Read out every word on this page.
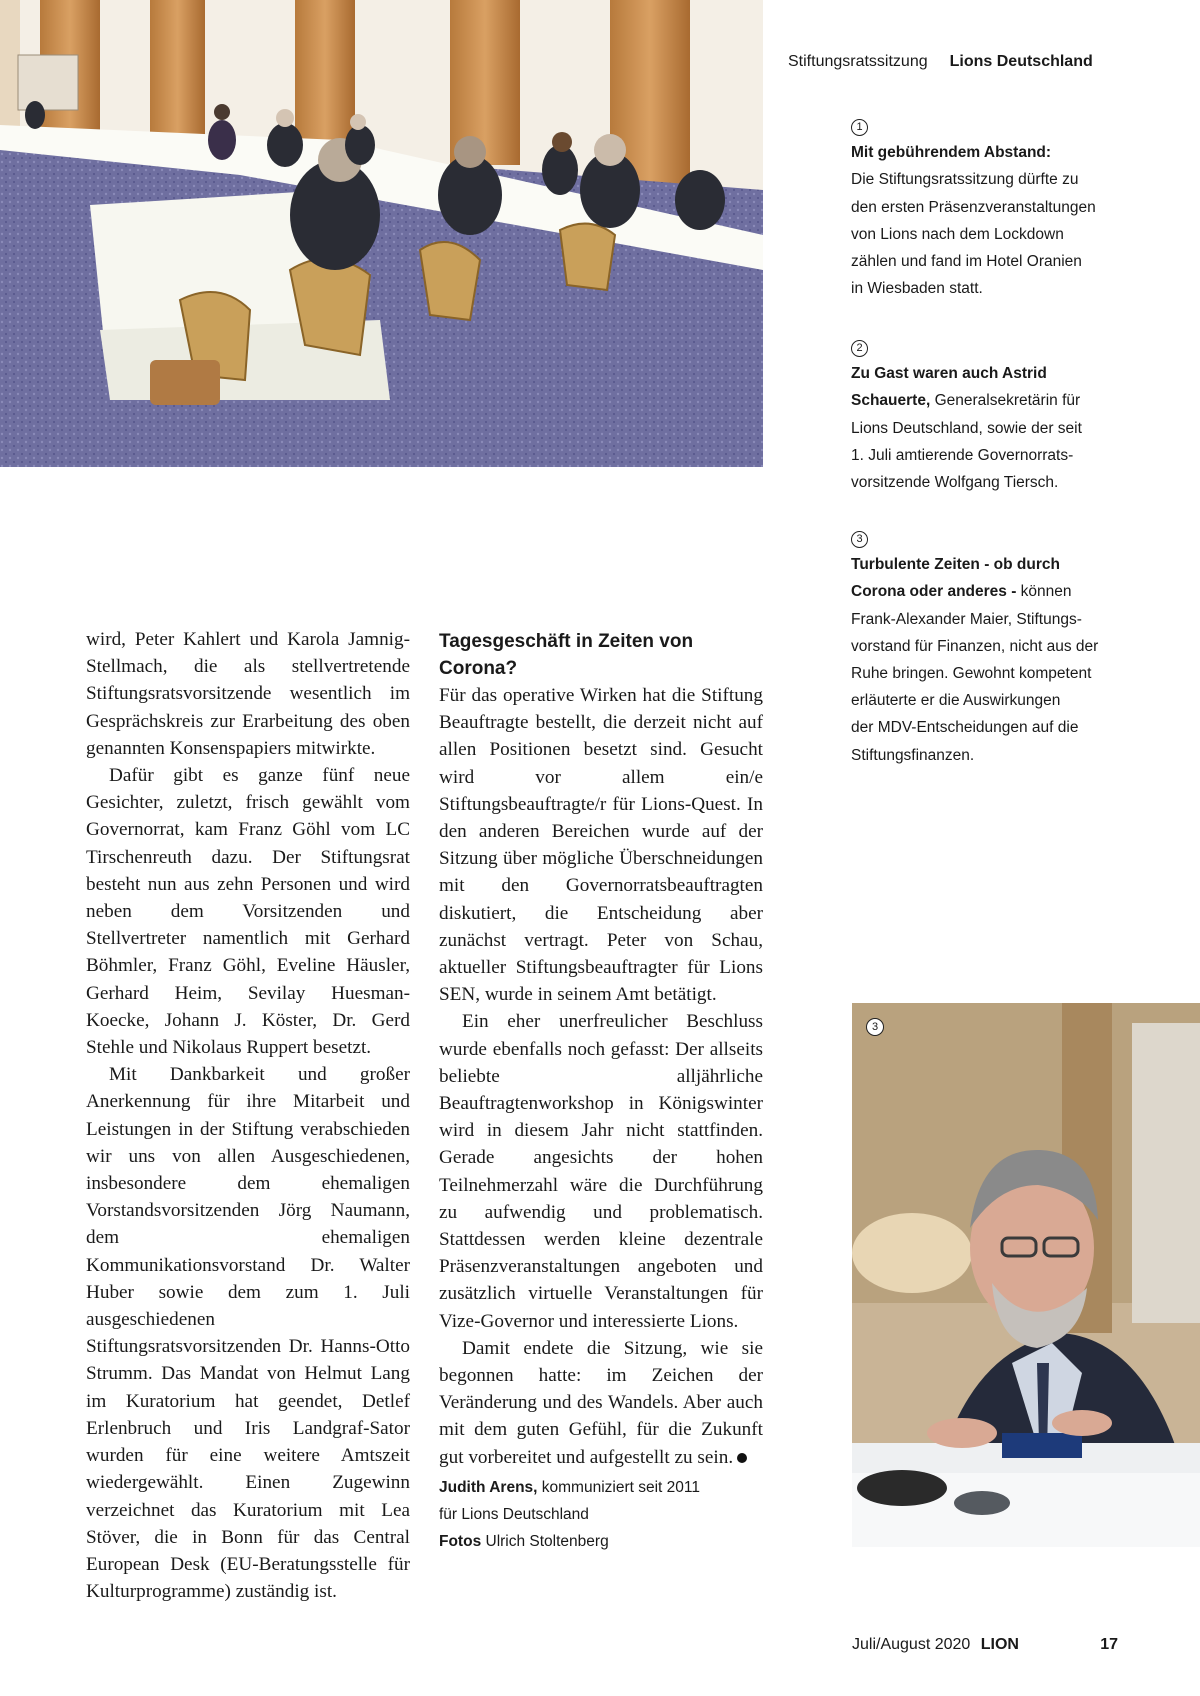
Stiftungsratssitzung Lions Deutschland
1
Mit gebührendem Abstand:
Die Stiftungsratssitzung dürfte zu
den ersten Präsenzveranstaltungen
von Lions nach dem Lockdown
zählen und fand im Hotel Oranien
in Wiesbaden statt.
2
Zu Gast waren auch Astrid
Schauerte, Generalsekretärin für
Lions Deutschland, sowie der seit
1. Juli amtierende Governorrats-
vorsitzende Wolfgang Tiersch.
3
Turbulente Zeiten - ob durch
Corona oder anderes - können
Frank-Alexander Maier, Stiftungs-
vorstand für Finanzen, nicht aus der
Ruhe bringen. Gewohnt kompetent
erläuterte er die Auswirkungen
der MDV-Entscheidungen auf die
Stiftungsfinanzen.

wird, Peter Kahlert und Karola Jamnig-Stellmach, die als stellvertretende Stiftungsratsvorsitzende wesentlich im Gesprächskreis zur Erarbeitung des oben genannten Konsenspapiers mitwirkte.

Dafür gibt es ganze fünf neue Gesichter, zuletzt, frisch gewählt vom Governorrat, kam Franz Göhl vom LC Tirschenreuth dazu. Der Stiftungsrat besteht nun aus zehn Personen und wird neben dem Vorsitzenden und Stellvertreter namentlich mit Gerhard Böhmler, Franz Göhl, Eveline Häusler, Gerhard Heim, Sevilay Huesman-Koecke, Johann J. Köster, Dr. Gerd Stehle und Nikolaus Ruppert besetzt.

Mit Dankbarkeit und großer Anerkennung für ihre Mitarbeit und Leistungen in der Stiftung verabschieden wir uns von allen Ausgeschiedenen, insbesondere dem ehemaligen Vorstandsvorsitzenden Jörg Naumann, dem ehemaligen Kommunikationsvorstand Dr. Walter Huber sowie dem zum 1. Juli ausgeschiedenen Stiftungsratsvorsitzenden Dr. Hanns-Otto Strumm. Das Mandat von Helmut Lang im Kuratorium hat geendet, Detlef Erlenbruch und Iris Landgraf-Sator wurden für eine weitere Amtszeit wiedergewählt. Einen Zugewinn verzeichnet das Kuratorium mit Lea Stöver, die in Bonn für das Central European Desk (EU-Beratungsstelle für Kulturprogramme) zuständig ist.

Tagesgeschäft in Zeiten von Corona?

Für das operative Wirken hat die Stiftung Beauftragte bestellt, die derzeit nicht auf allen Positionen besetzt sind. Gesucht wird vor allem ein/e Stiftungsbeauftragte/r für Lions-Quest. In den anderen Bereichen wurde auf der Sitzung über mögliche Überschneidungen mit den Governorratsbeauftragten diskutiert, die Entscheidung aber zunächst vertragt. Peter von Schau, aktueller Stiftungsbeauftragter für Lions SEN, wurde in seinem Amt betätigt.

Ein eher unerfreulicher Beschluss wurde ebenfalls noch gefasst: Der allseits beliebte alljährliche Beauftragtenworkshop in Königswinter wird in diesem Jahr nicht stattfinden. Gerade angesichts der hohen Teilnehmerzahl wäre die Durchführung zu aufwendig und problematisch. Stattdessen werden kleine dezentrale Präsenzveranstaltungen angeboten und zusätzlich virtuelle Veranstaltungen für Vize-Governor und interessierte Lions.

Damit endete die Sitzung, wie sie begonnen hatte: im Zeichen der Veränderung und des Wandels. Aber auch mit dem guten Gefühl, für die Zukunft gut vorbereitet und aufgestellt zu sein.

Judith Arens, kommuniziert seit 2011
für Lions Deutschland
Fotos Ulrich Stoltenberg
3
Juli/August 2020 LION	17
